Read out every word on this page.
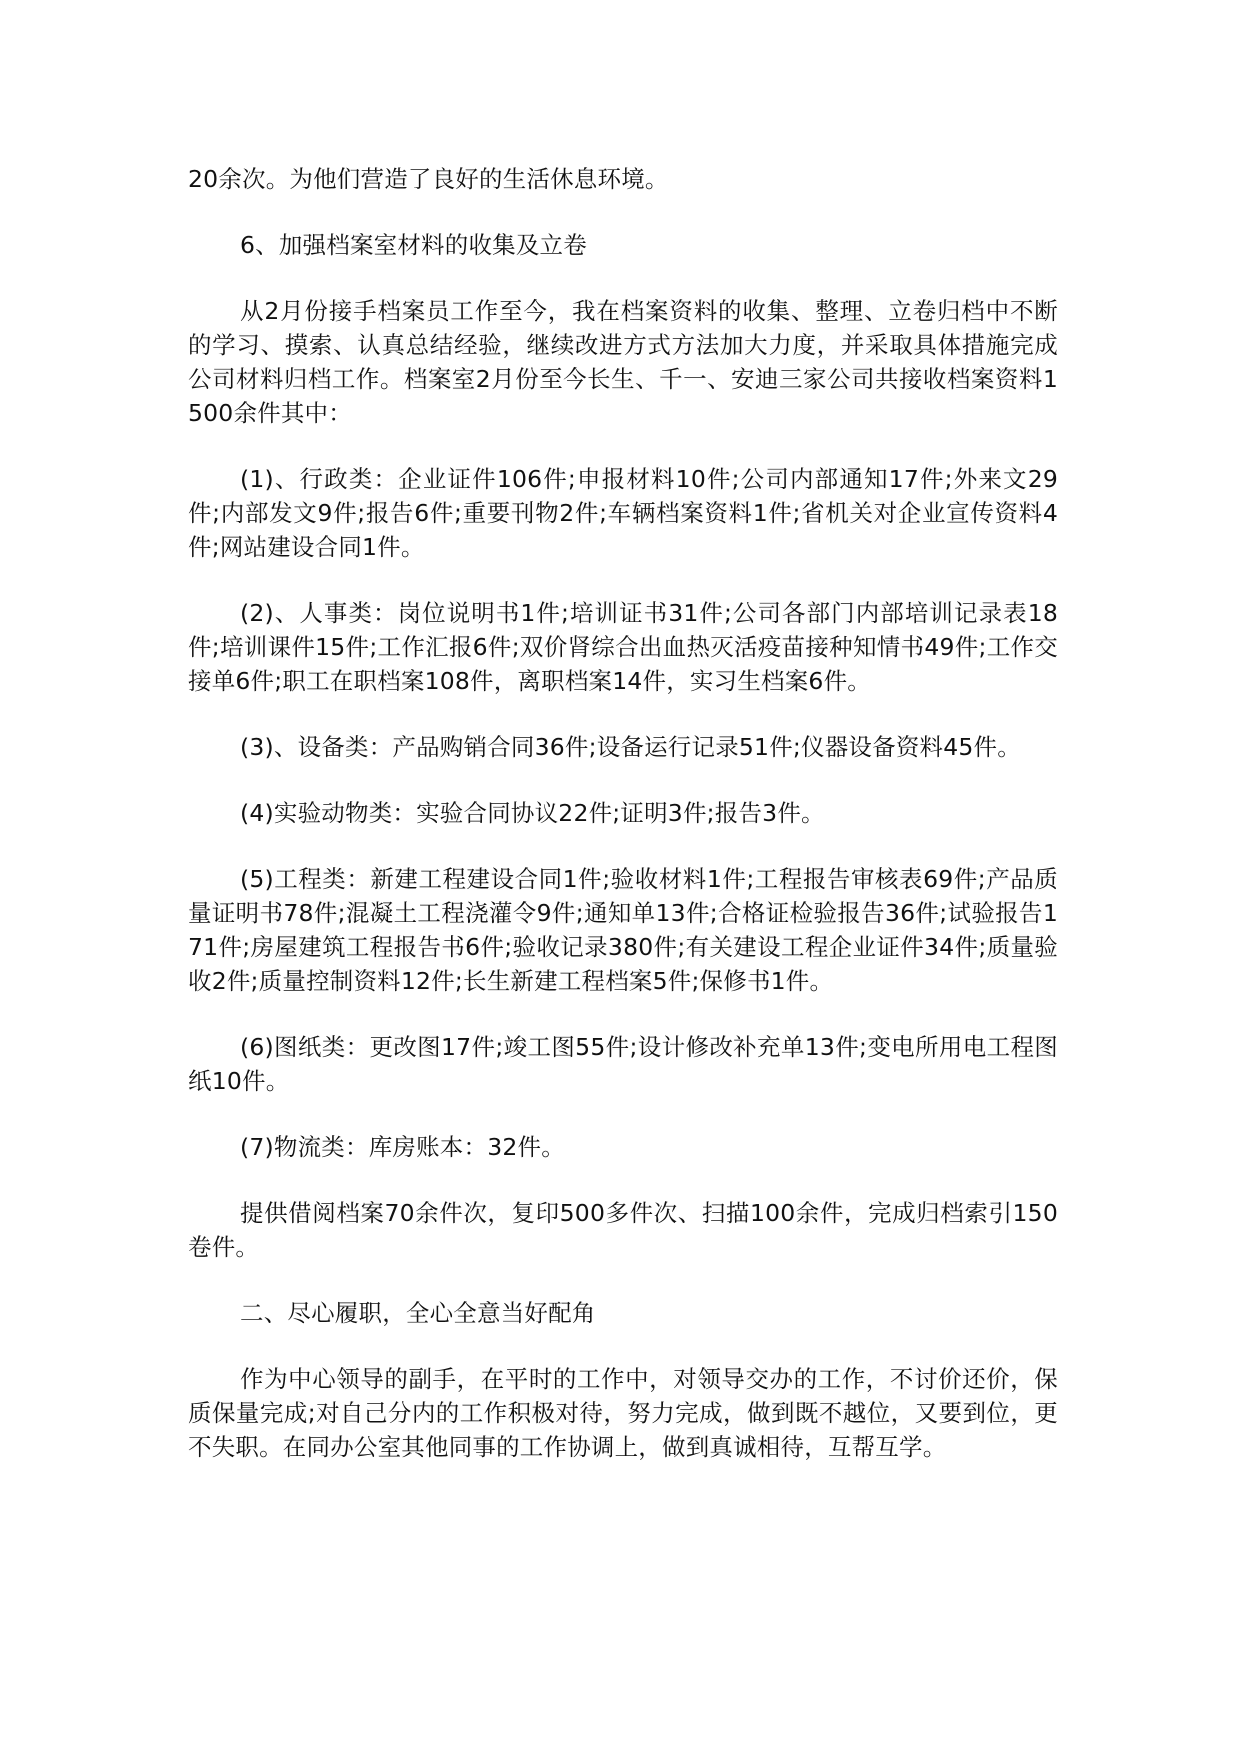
20余次。为他们营造了良好的生活休息环境。

6、加强档案室材料的收集及立卷

从2月份接手档案员工作至今，我在档案资料的收集、整理、立卷归档中不断的学习、摸索、认真总结经验，继续改进方式方法加大力度，并采取具体措施完成公司材料归档工作。档案室2月份至今长生、千一、安迪三家公司共接收档案资料1500余件其中：

(1)、行政类：企业证件106件;申报材料10件;公司内部通知17件;外来文29件;内部发文9件;报告6件;重要刊物2件;车辆档案资料1件;省机关对企业宣传资料4件;网站建设合同1件。

(2)、人事类：岗位说明书1件;培训证书31件;公司各部门内部培训记录表18件;培训课件15件;工作汇报6件;双价肾综合出血热灭活疫苗接种知情书49件;工作交接单6件;职工在职档案108件，离职档案14件，实习生档案6件。

(3)、设备类：产品购销合同36件;设备运行记录51件;仪器设备资料45件。

(4)实验动物类：实验合同协议22件;证明3件;报告3件。

(5)工程类：新建工程建设合同1件;验收材料1件;工程报告审核表69件;产品质量证明书78件;混凝土工程浇灌令9件;通知单13件;合格证检验报告36件;试验报告171件;房屋建筑工程报告书6件;验收记录380件;有关建设工程企业证件34件;质量验收2件;质量控制资料12件;长生新建工程档案5件;保修书1件。

(6)图纸类：更改图17件;竣工图55件;设计修改补充单13件;变电所用电工程图纸10件。

(7)物流类：库房账本：32件。

提供借阅档案70余件次，复印500多件次、扫描100余件，完成归档索引150卷件。

二、尽心履职，全心全意当好配角

作为中心领导的副手，在平时的工作中，对领导交办的工作，不讨价还价，保质保量完成;对自己分内的工作积极对待，努力完成，做到既不越位，又要到位，更不失职。在同办公室其他同事的工作协调上，做到真诚相待，互帮互学。
